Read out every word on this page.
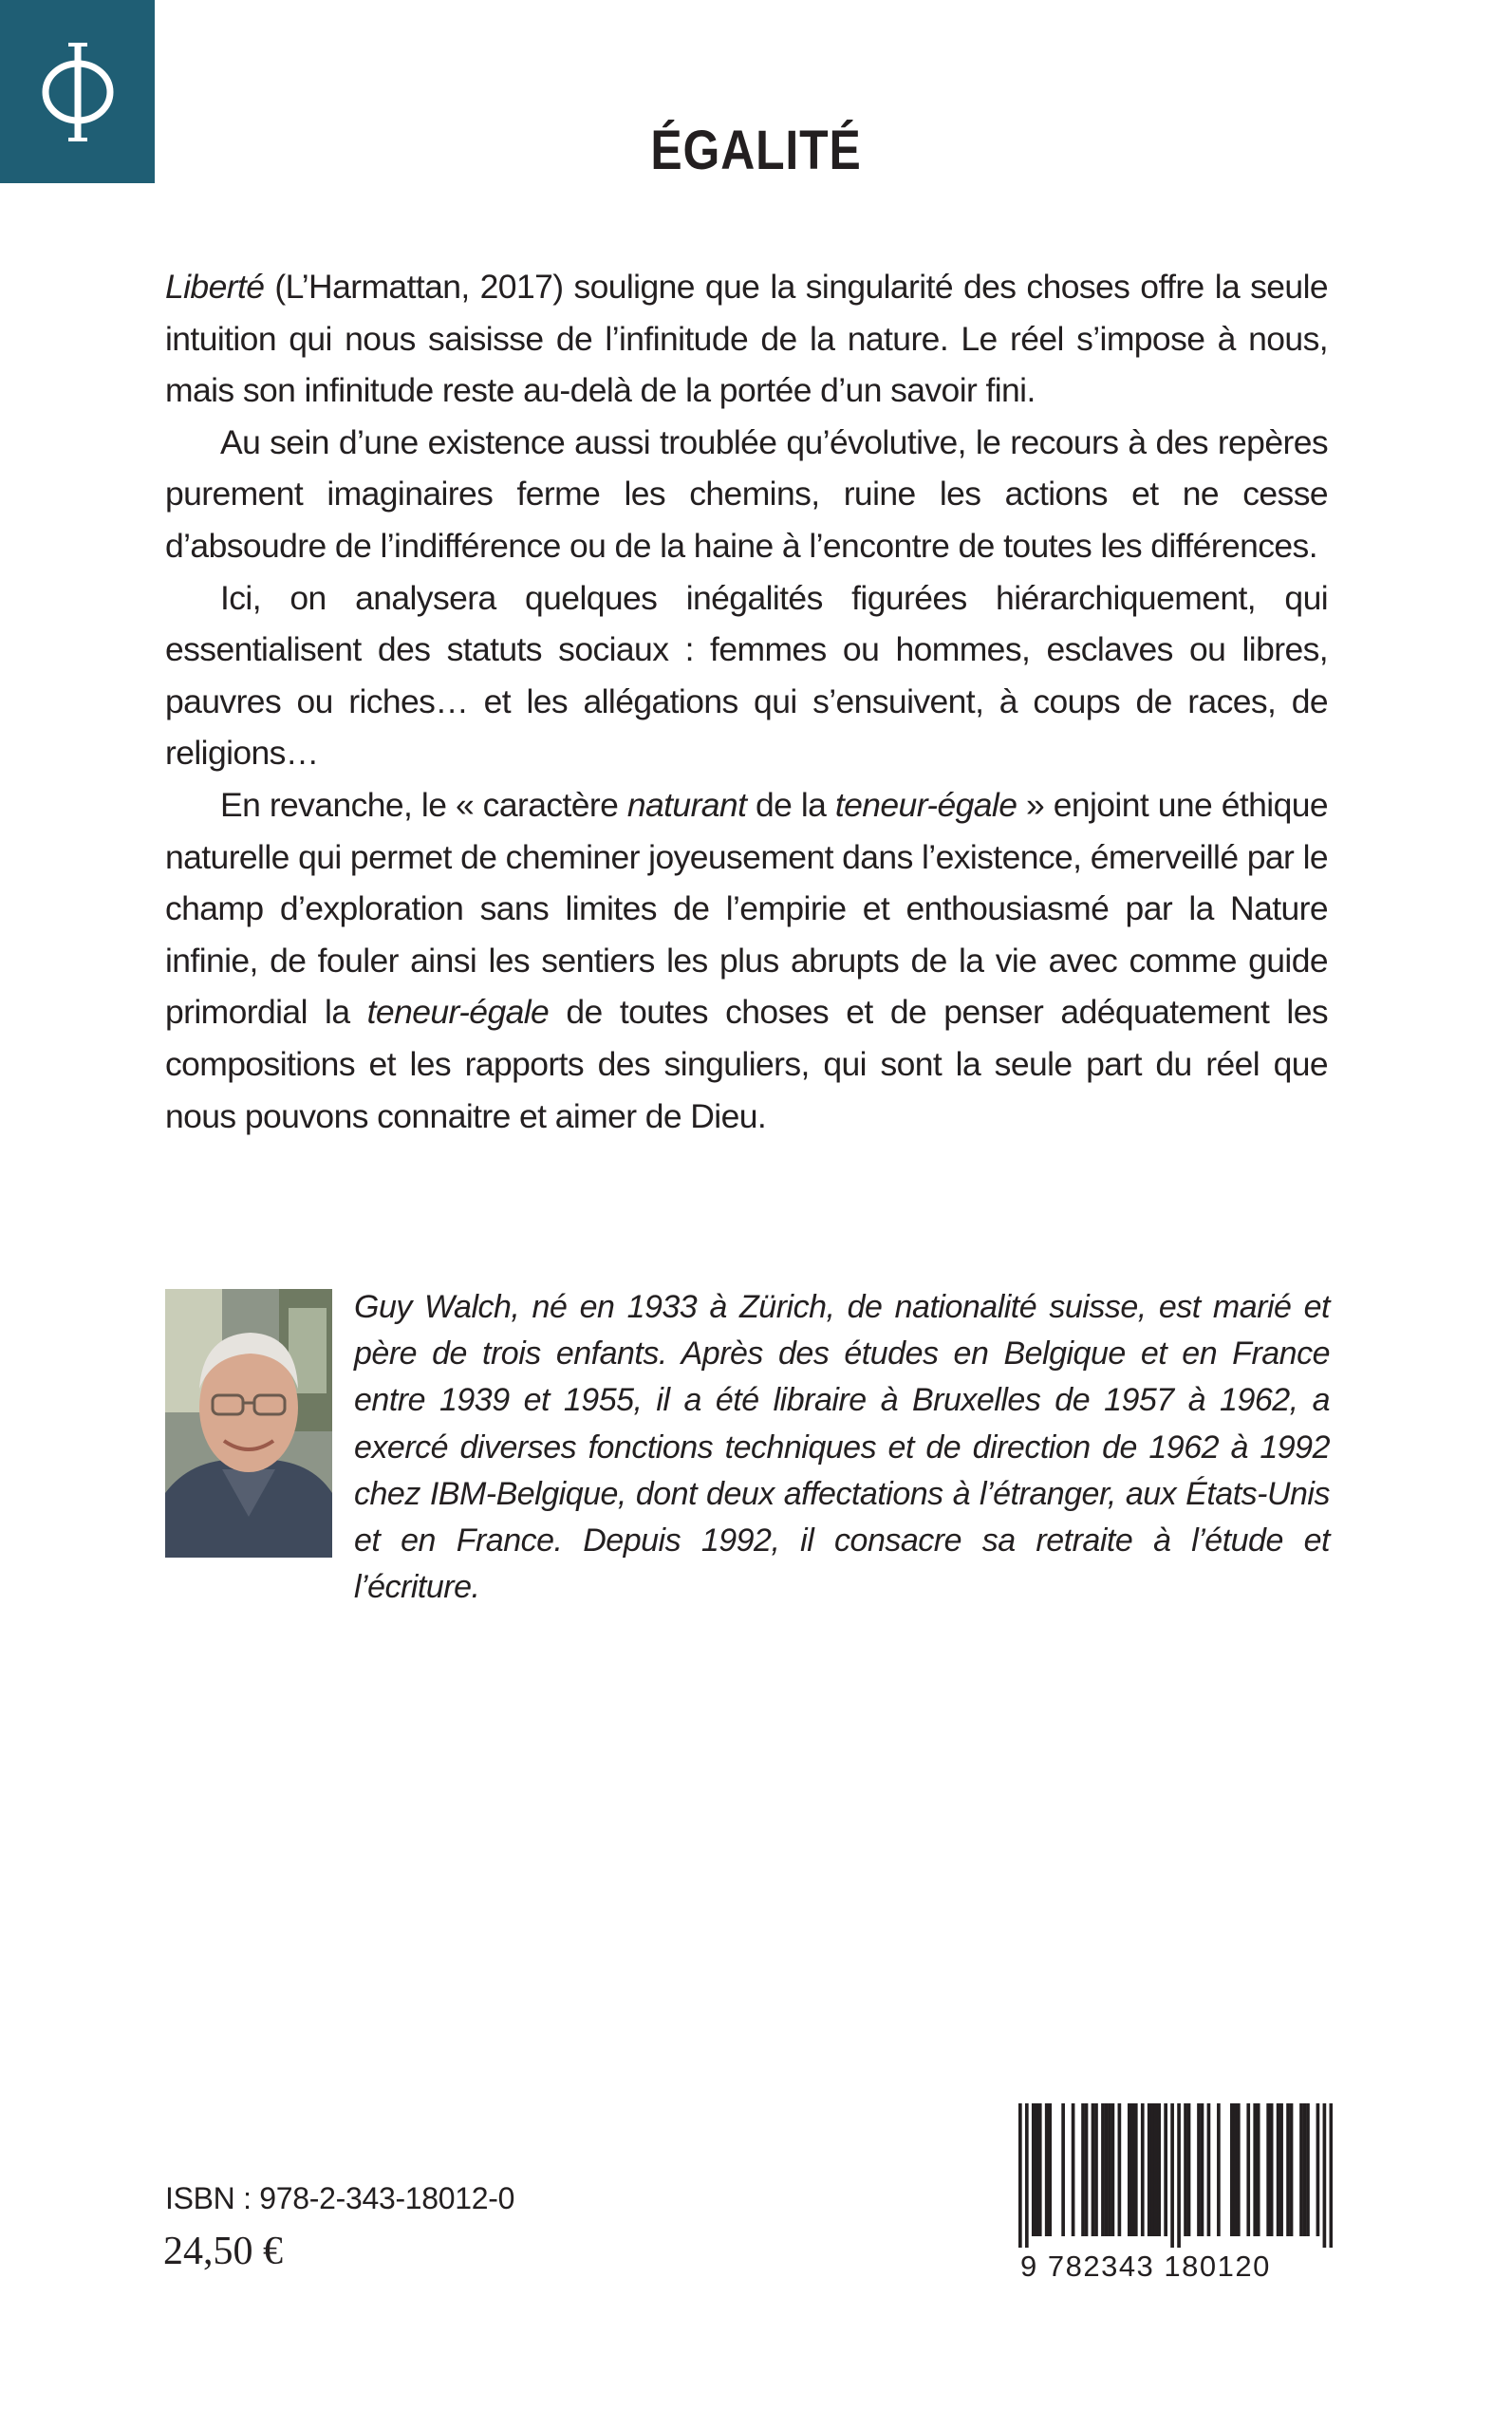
ÉGALITÉ

Liberté (L’Harmattan, 2017) souligne que la singularité des choses offre la seule intuition qui nous saisisse de l’infinitude de la nature. Le réel s’impose à nous, mais son infinitude reste au-delà de la portée d’un savoir fini.

Au sein d’une existence aussi troublée qu’évolutive, le recours à des repères purement imaginaires ferme les chemins, ruine les actions et ne cesse d’absoudre de l’indifférence ou de la haine à l’encontre de toutes les différences.

Ici, on analysera quelques inégalités figurées hiérarchiquement, qui essentialisent des statuts sociaux : femmes ou hommes, esclaves ou libres, pauvres ou riches… et les allégations qui s’ensuivent, à coups de races, de religions…

En revanche, le « caractère naturant de la teneur-égale » enjoint une éthique naturelle qui permet de cheminer joyeusement dans l’existence, émerveillé par le champ d’exploration sans limites de l’empirie et enthousiasmé par la Nature infinie, de fouler ainsi les sentiers les plus abrupts de la vie avec comme guide primordial la teneur-égale de toutes choses et de penser adéquatement les compositions et les rapports des singuliers, qui sont la seule part du réel que nous pouvons connaitre et aimer de Dieu.

Guy Walch, né en 1933 à Zürich, de nationalité suisse, est marié et père de trois enfants. Après des études en Belgique et en France entre 1939 et 1955, il a été libraire à Bruxelles de 1957 à 1962, a exercé diverses fonctions techniques et de direction de 1962 à 1992 chez IBM-Belgique, dont deux affectations à l’étranger, aux États-Unis et en France. Depuis 1992, il consacre sa retraite à l’étude et l’écriture.

ISBN : 978-2-343-18012-0
24,50 €	9 782343 180120
